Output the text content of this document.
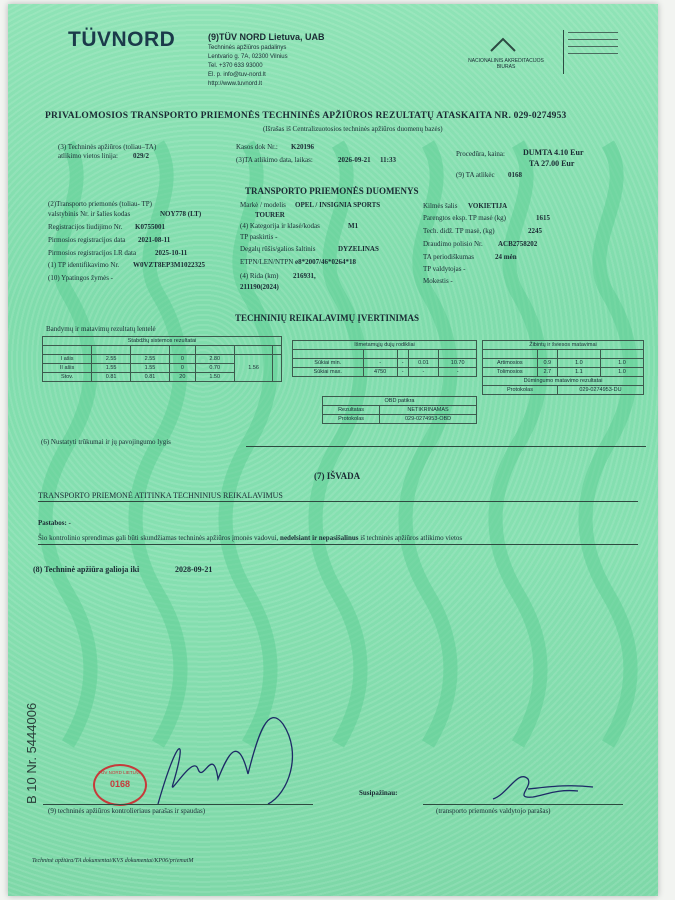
TÜVNORD	(9)TÜV NORD Lietuva, UAB
Techninės apžiūros padalinys
Lentvario g. 7A, 02300 Vilnius
Tel. +370 633 93000
El. p. info@tuv-nord.lt
http://www.tuvnord.lt
NACIONALINIS AKREDITACIJOS BIURAS
PRIVALOMOSIOS TRANSPORTO PRIEMONĖS TECHNINĖS APŽIŪROS REZULTATŲ ATASKAITA NR. 029-0274953
(Išrašas iš Centralizuotosios techninės apžiūros duomenų bazės)
(3) Techninės apžiūros (toliau–TA)
atlikimo vietos linija: 029/2
Kasos dok Nr.: K20196
(3)TA atlikimo data, laikas:	2026-09-21 11:33
Procedūra, kaina: DUMTA 4.10 Eur
TA 27.00 Eur
(9) TA atlikėc 0168
TRANSPORTO PRIEMONĖS DUOMENYS
(2)Transporto priemonės (toliau- TP)
valstybinis Nr. ir šalies kodas	NOY778 (LT)
Registracijos liudijimo Nr. K0755001
Pirmosios registracijos data 2021-08-11
Pirmosios registracijos LR data	2025-10-11
(1) TP identifikavimo Nr. W0VZT8EP3M1022325
(10) Ypatingos žymės -
Markė / modelis OPEL / INSIGNIA SPORTS
TOURER
(4) Kategorija ir klasė/kodas	M1
TP paskirtis -
Degalų rūšis/galios šaltinis	DYZELINAS
ETPN/LEN/NTPN e8*2007/46*0264*18
(4) Rida (km) 216931,
211190(2024)
Kilmės šalis VOKIETIJA
Parengtos eksp. TP masė (kg)	1615
Tech. didž. TP masė, (kg)	2245
Draudimo polisio Nr. ACB2758202
TA periodiškumas	24 mėn
TP valdytojas -
Mokestis -
TECHNINIŲ REIKALAVIMŲ ĮVERTINIMAS
Bandymų ir matavimų rezultatų lentelė
Stabdžių sistemos rezultatai						

I ašis	2.55	2.55	0	2.80	1.56	
II ašis	1.55	1.55	0	0.70		
Stov.	0.81	0.81	20	1.50		
Išmetamųjų dujų rodikliai				

Sūkiai min.	-	-	0.01	10.70
Sūkiai max.	4750	-	-	-
OBD patikra	
Rezultatas	NETIKRINAMAS
Protokolas	029-0274953-OBD
Žibintų ir šviesos matavimai			

Artimosios	0.9	1.0	1.0
Tolimosios	2.7	1.1	1.0
Dūmingumo matavimo rezultatai			
Protokolas		029-0274953-DU	
(6) Nustatyti trūkumai ir jų pavojingumo lygis
(7) IŠVADA
TRANSPORTO PRIEMONĖ ATITINKA TECHNINIUS REIKALAVIMUS
Pastabos: -
Šio kontrolinio sprendimas gali būti skundžiamas techninės apžiūros įmonės vadovui, nedelsiant ir nepasišalinus iš techninės apžiūros atlikimo vietos
(8) Techninė apžiūra galioja iki	2028-09-21
B 10 Nr. 5444006	TÜV NORD LIETUVA
0168
(9) techninės apžiūros kontrolieriaus parašas ir spaudas)
Susipažinau:
(transporto priemonės valdytojo parašas)
Techninė apžiūra/TA dokumentai/KVS dokumentai/KP06/priemaiM
